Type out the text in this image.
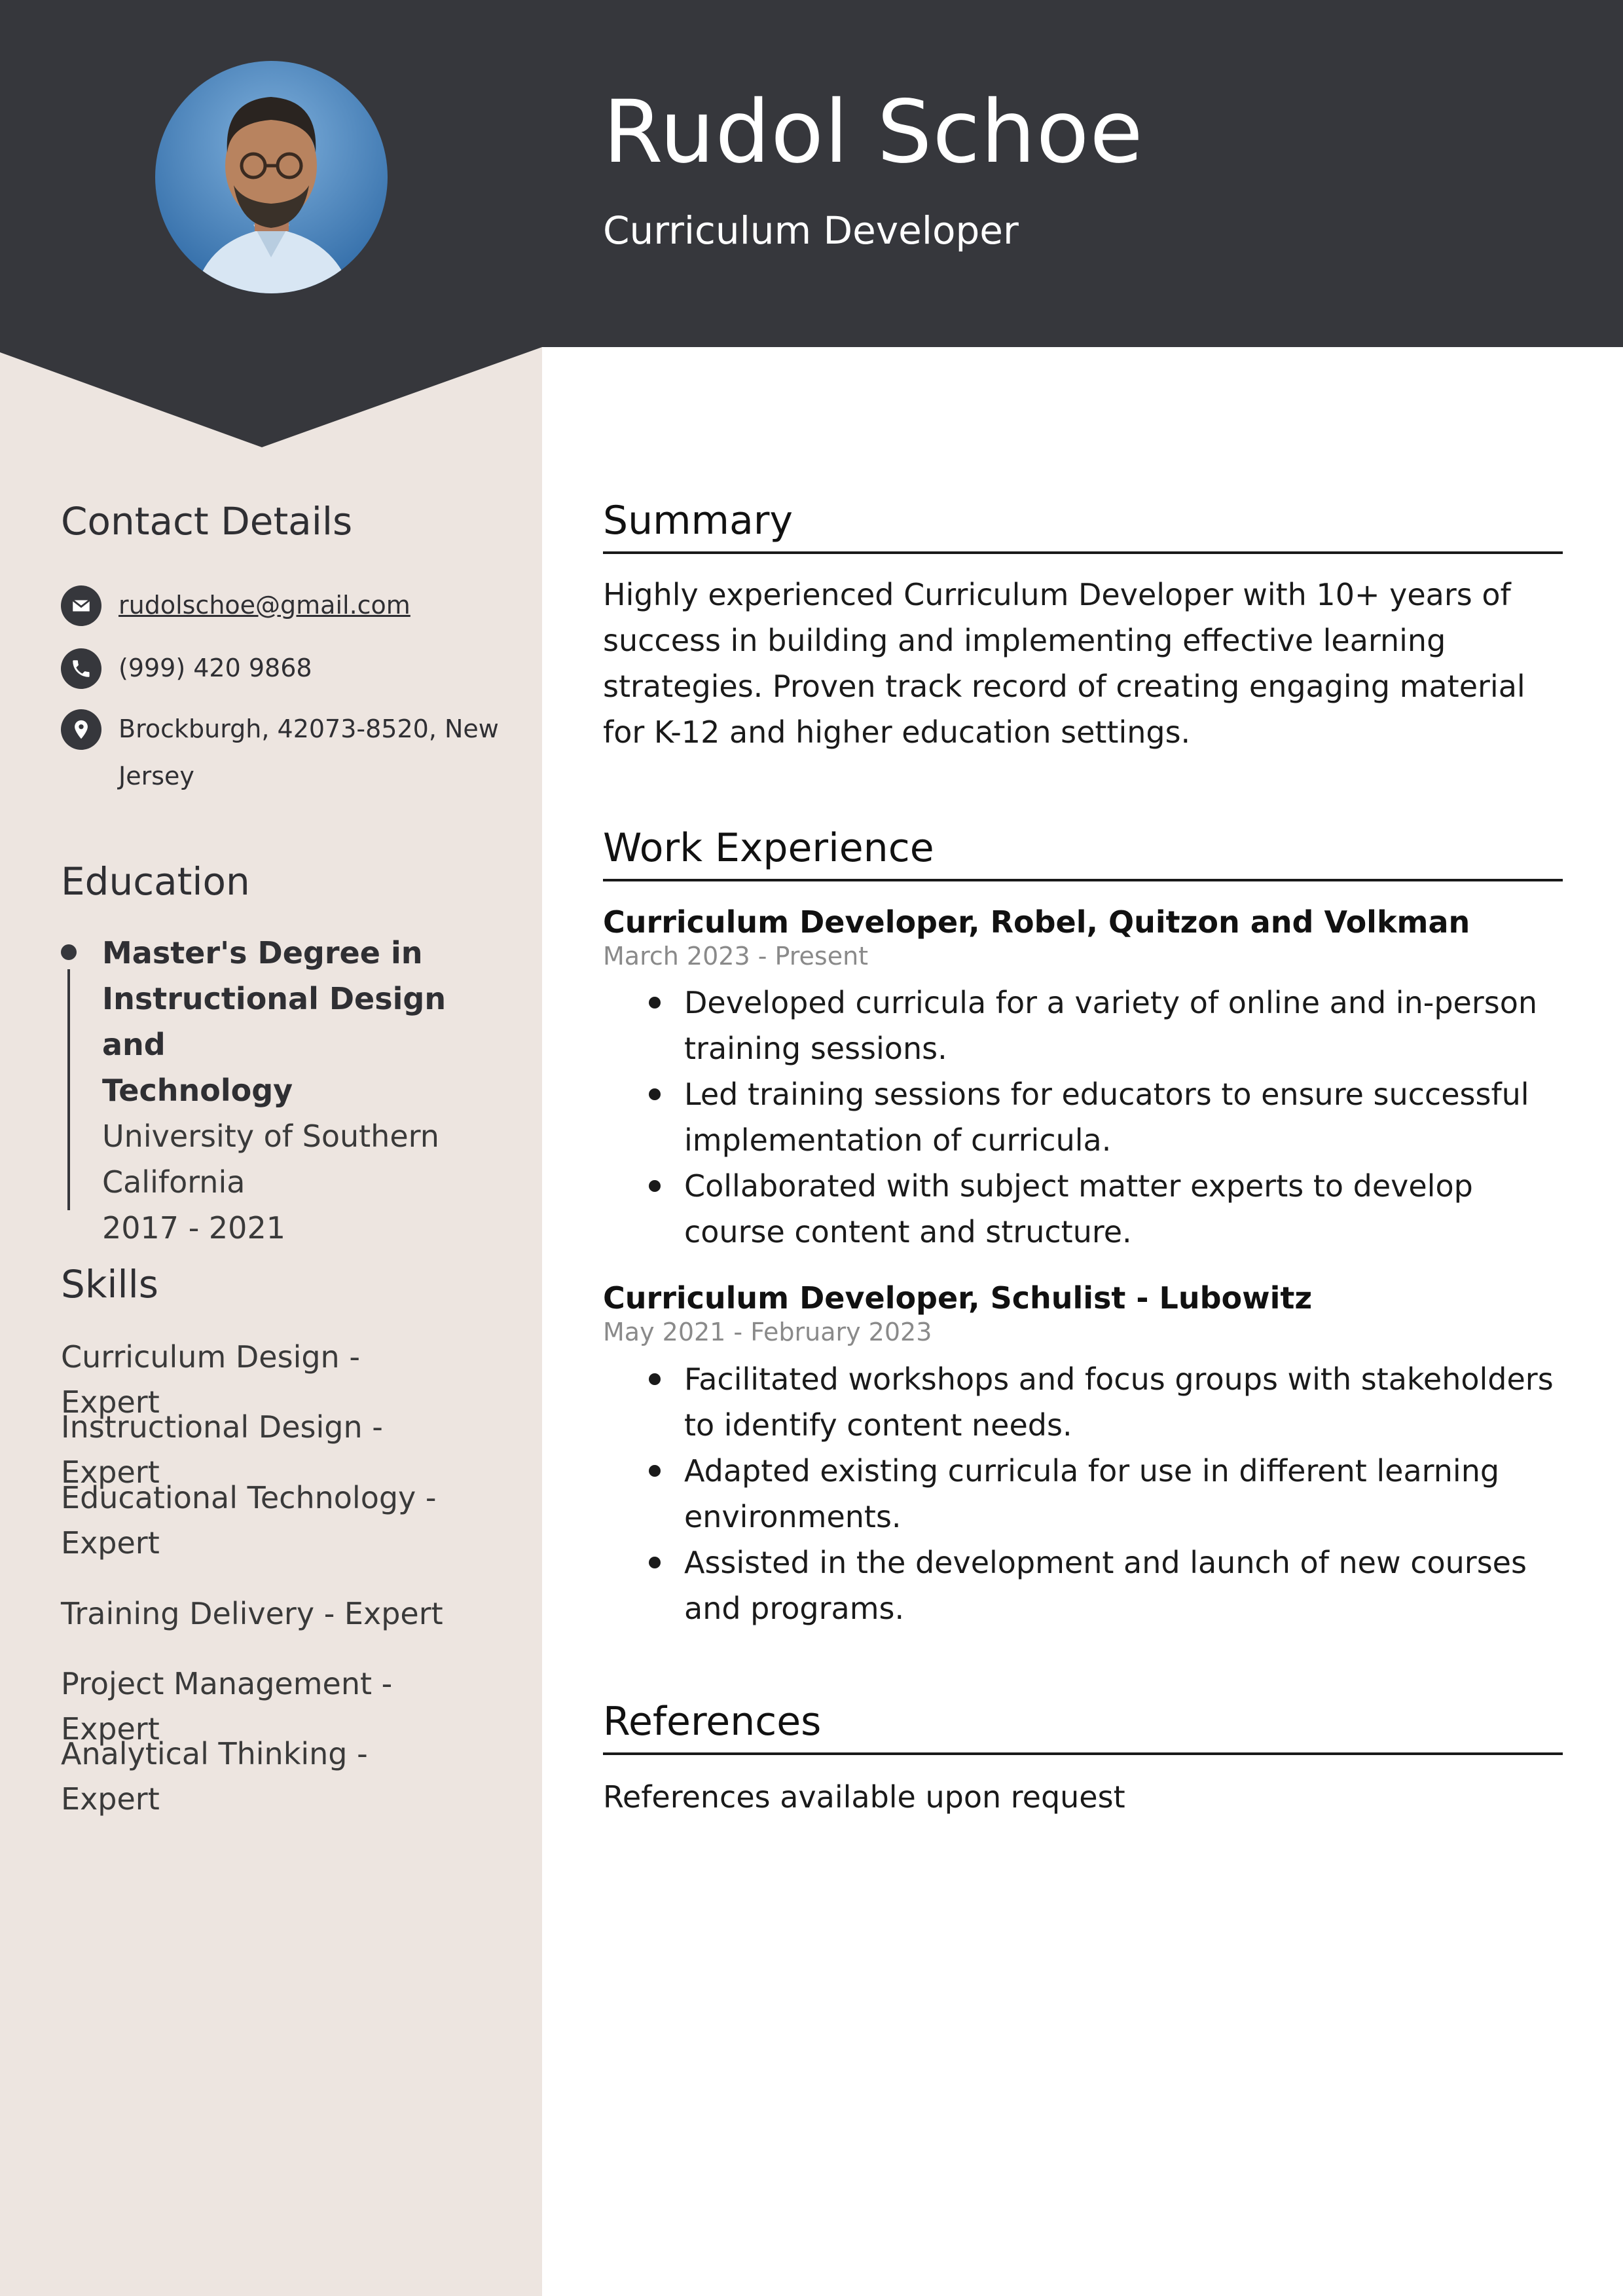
Rudol Schoe
Curriculum Developer
Contact Details
rudolschoe@gmail.com
(999) 420 9868
Brockburgh, 42073-8520, New
Jersey
Education
Master's Degree in
Instructional Design and
Technology
University of Southern
California
2017 - 2021
Skills
Curriculum Design - Expert
Instructional Design - Expert
Educational Technology -
Expert
Training Delivery - Expert
Project Management - Expert
Analytical Thinking - Expert
Summary
Highly experienced Curriculum Developer with 10+ years of success in building and implementing effective learning strategies. Proven track record of creating engaging material for K-12 and higher education settings.
Work Experience
Curriculum Developer, Robel, Quitzon and Volkman
March 2023 - Present
Developed curricula for a variety of online and in-person training sessions.
Led training sessions for educators to ensure successful implementation of curricula.
Collaborated with subject matter experts to develop course content and structure.
Curriculum Developer, Schulist - Lubowitz
May 2021 - February 2023
Facilitated workshops and focus groups with stakeholders to identify content needs.
Adapted existing curricula for use in different learning environments.
Assisted in the development and launch of new courses and programs.
References
References available upon request
